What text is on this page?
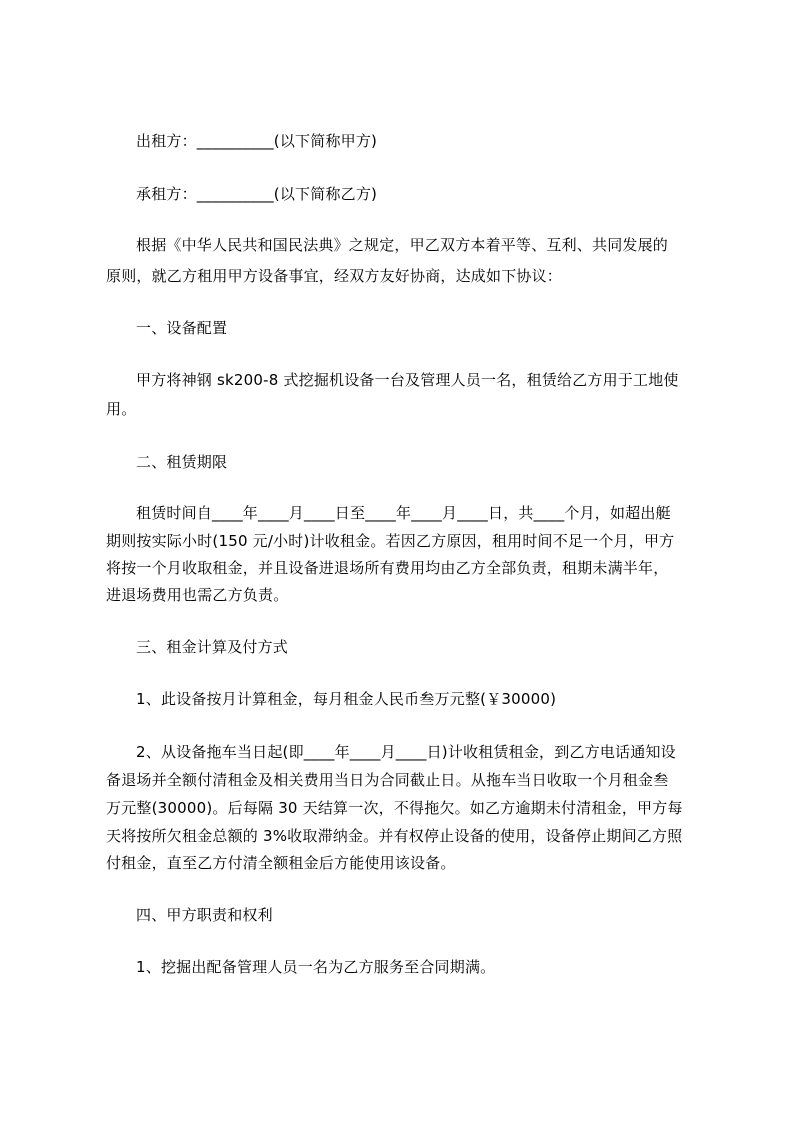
出租方：__________(以下简称甲方)
承租方：__________(以下简称乙方)
根据《中华人民共和国民法典》之规定，甲乙双方本着平等、互利、共同发展的
原则，就乙方租用甲方设备事宜，经双方友好协商，达成如下协议：
一、设备配置
甲方将神钢 sk200-8 式挖掘机设备一台及管理人员一名，租赁给乙方用于工地使
用。
二、租赁期限
租赁时间自____年____月____日至____年____月____日，共____个月，如超出艇
期则按实际小时(150 元/小时)计收租金。若因乙方原因，租用时间不足一个月，甲方
将按一个月收取租金，并且设备进退场所有费用均由乙方全部负责，租期未满半年，
进退场费用也需乙方负责。
三、租金计算及付方式
1、此设备按月计算租金，每月租金人民币叁万元整(￥30000)
2、从设备拖车当日起(即____年____月____日)计收租赁租金，到乙方电话通知设
备退场并全额付清租金及相关费用当日为合同截止日。从拖车当日收取一个月租金叁
万元整(30000)。后每隔 30 天结算一次，不得拖欠。如乙方逾期未付清租金，甲方每
天将按所欠租金总额的 3%收取滞纳金。并有权停止设备的使用，设备停止期间乙方照
付租金，直至乙方付清全额租金后方能使用该设备。
四、甲方职责和权利
1、挖掘出配备管理人员一名为乙方服务至合同期满。
